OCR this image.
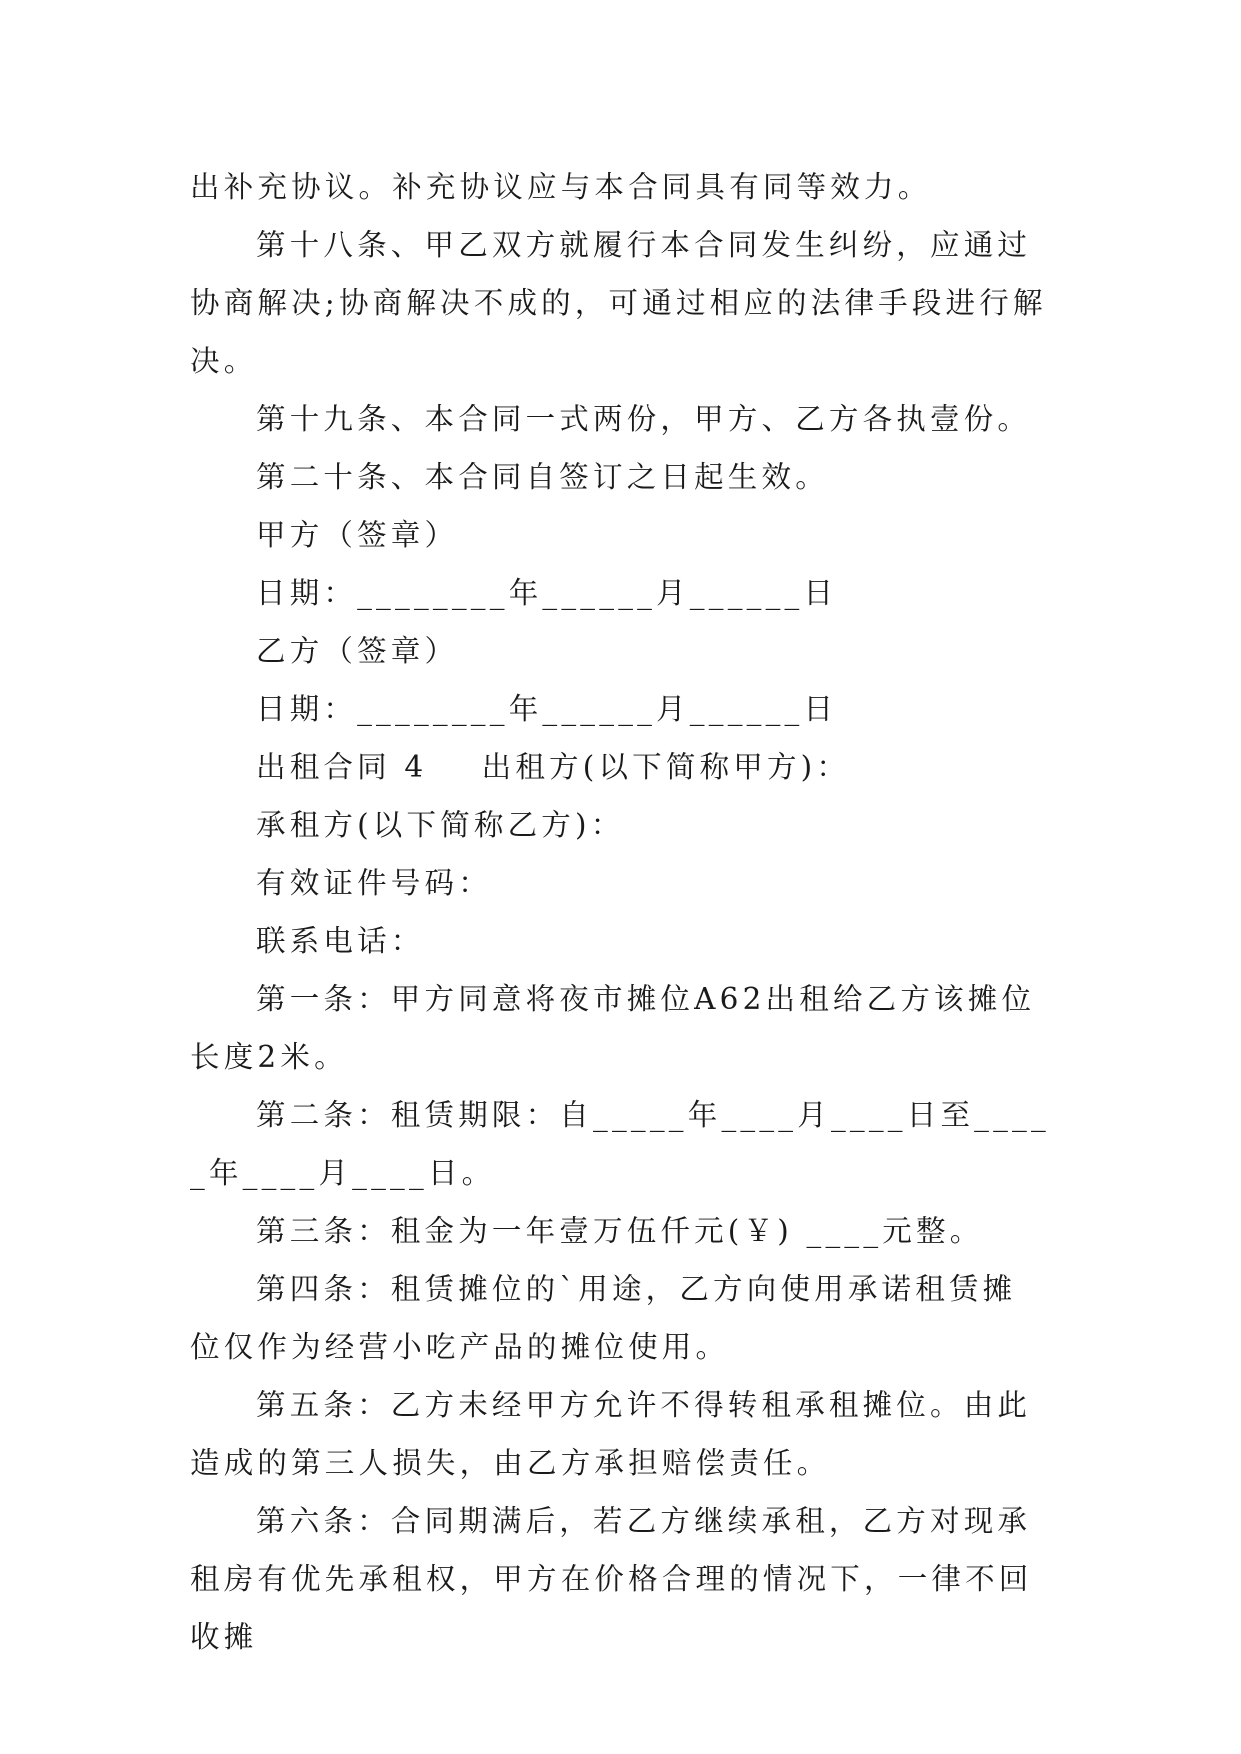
出补充协议。补充协议应与本合同具有同等效力。

第十八条、甲乙双方就履行本合同发生纠纷，应通过协商解决;协商解决不成的，可通过相应的法律手段进行解决。

第十九条、本合同一式两份，甲方、乙方各执壹份。

第二十条、本合同自签订之日起生效。

甲方（签章）

日期：________年______月______日

乙方（签章）

日期：________年______月______日

出租合同 4    出租方(以下简称甲方)：

承租方(以下简称乙方)：

有效证件号码：

联系电话：

第一条：甲方同意将夜市摊位A62出租给乙方该摊位长度2米。

第二条：租赁期限：自_____年____月____日至_____年____月____日。

第三条：租金为一年壹万伍仟元(￥) ____元整。

第四条：租赁摊位的`用途，乙方向使用承诺租赁摊位仅作为经营小吃产品的摊位使用。

第五条：乙方未经甲方允许不得转租承租摊位。由此造成的第三人损失，由乙方承担赔偿责任。

第六条：合同期满后，若乙方继续承租，乙方对现承租房有优先承租权，甲方在价格合理的情况下，一律不回收摊
